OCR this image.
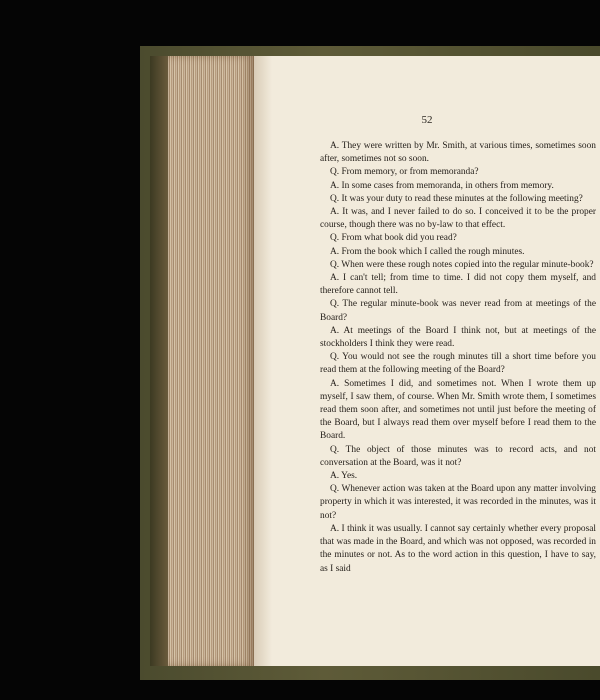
52

A. They were written by Mr. Smith, at various times, sometimes soon after, sometimes not so soon.

Q. From memory, or from memoranda?

A. In some cases from memoranda, in others from memory.

Q. It was your duty to read these minutes at the following meeting?

A. It was, and I never failed to do so. I conceived it to be the proper course, though there was no by-law to that effect.

Q. From what book did you read?

A. From the book which I called the rough minutes.

Q. When were these rough notes copied into the regular minute-book?

A. I can't tell; from time to time. I did not copy them myself, and therefore cannot tell.

Q. The regular minute-book was never read from at meetings of the Board?

A. At meetings of the Board I think not, but at meetings of the stockholders I think they were read.

Q. You would not see the rough minutes till a short time before you read them at the following meeting of the Board?

A. Sometimes I did, and sometimes not. When I wrote them up myself, I saw them, of course. When Mr. Smith wrote them, I sometimes read them soon after, and sometimes not until just before the meeting of the Board, but I always read them over myself before I read them to the Board.

Q. The object of those minutes was to record acts, and not conversation at the Board, was it not?

A. Yes.

Q. Whenever action was taken at the Board upon any matter involving property in which it was interested, it was recorded in the minutes, was it not?

A. I think it was usually. I cannot say certainly whether every proposal that was made in the Board, and which was not opposed, was recorded in the minutes or not. As to the word action in this question, I have to say, as I said
